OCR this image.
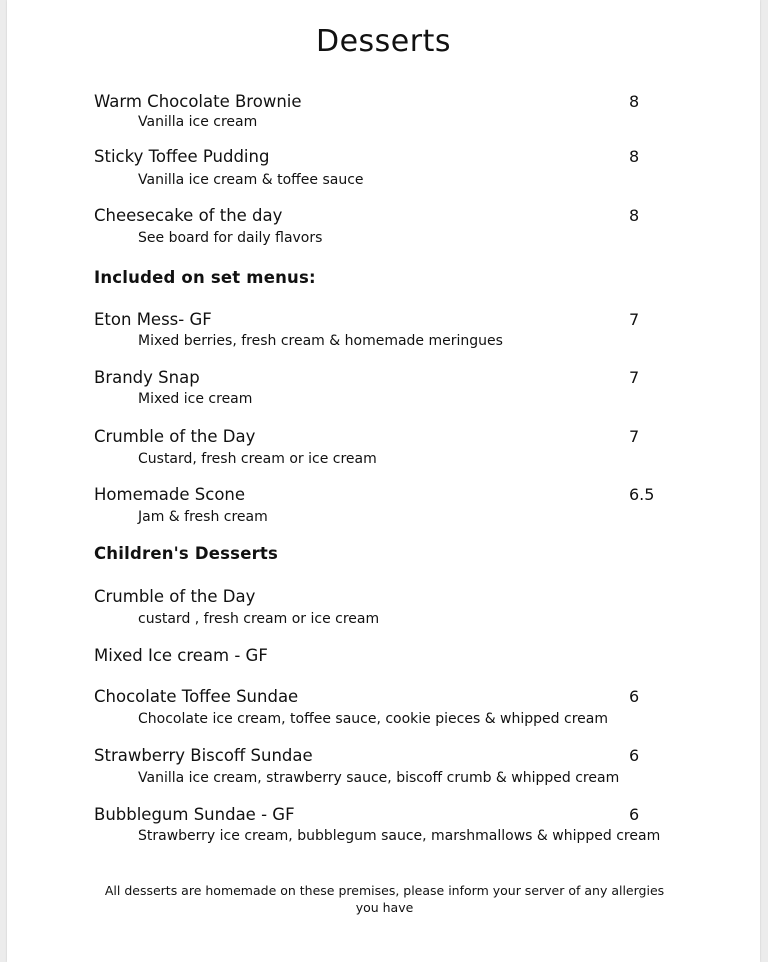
Desserts
Warm Chocolate Brownie	8
Vanilla ice cream
Sticky Toffee Pudding	8
Vanilla ice cream & toffee sauce
Cheesecake of the day	8
See board for daily flavors
Included on set menus:
Eton Mess- GF	7
Mixed berries, fresh cream & homemade meringues
Brandy Snap	7
Mixed ice cream
Crumble of the Day	7
Custard, fresh cream or ice cream
Homemade Scone	6.5
Jam & fresh cream
Children's Desserts
Crumble of the Day
custard , fresh cream or ice cream
Mixed Ice cream - GF
Chocolate Toffee Sundae	6
Chocolate ice cream, toffee sauce, cookie pieces & whipped cream
Strawberry Biscoff Sundae	6
Vanilla ice cream, strawberry sauce, biscoff crumb & whipped cream
Bubblegum Sundae - GF	6
Strawberry ice cream, bubblegum sauce, marshmallows & whipped cream
All desserts are homemade on these premises, please inform your server of any allergies you have
